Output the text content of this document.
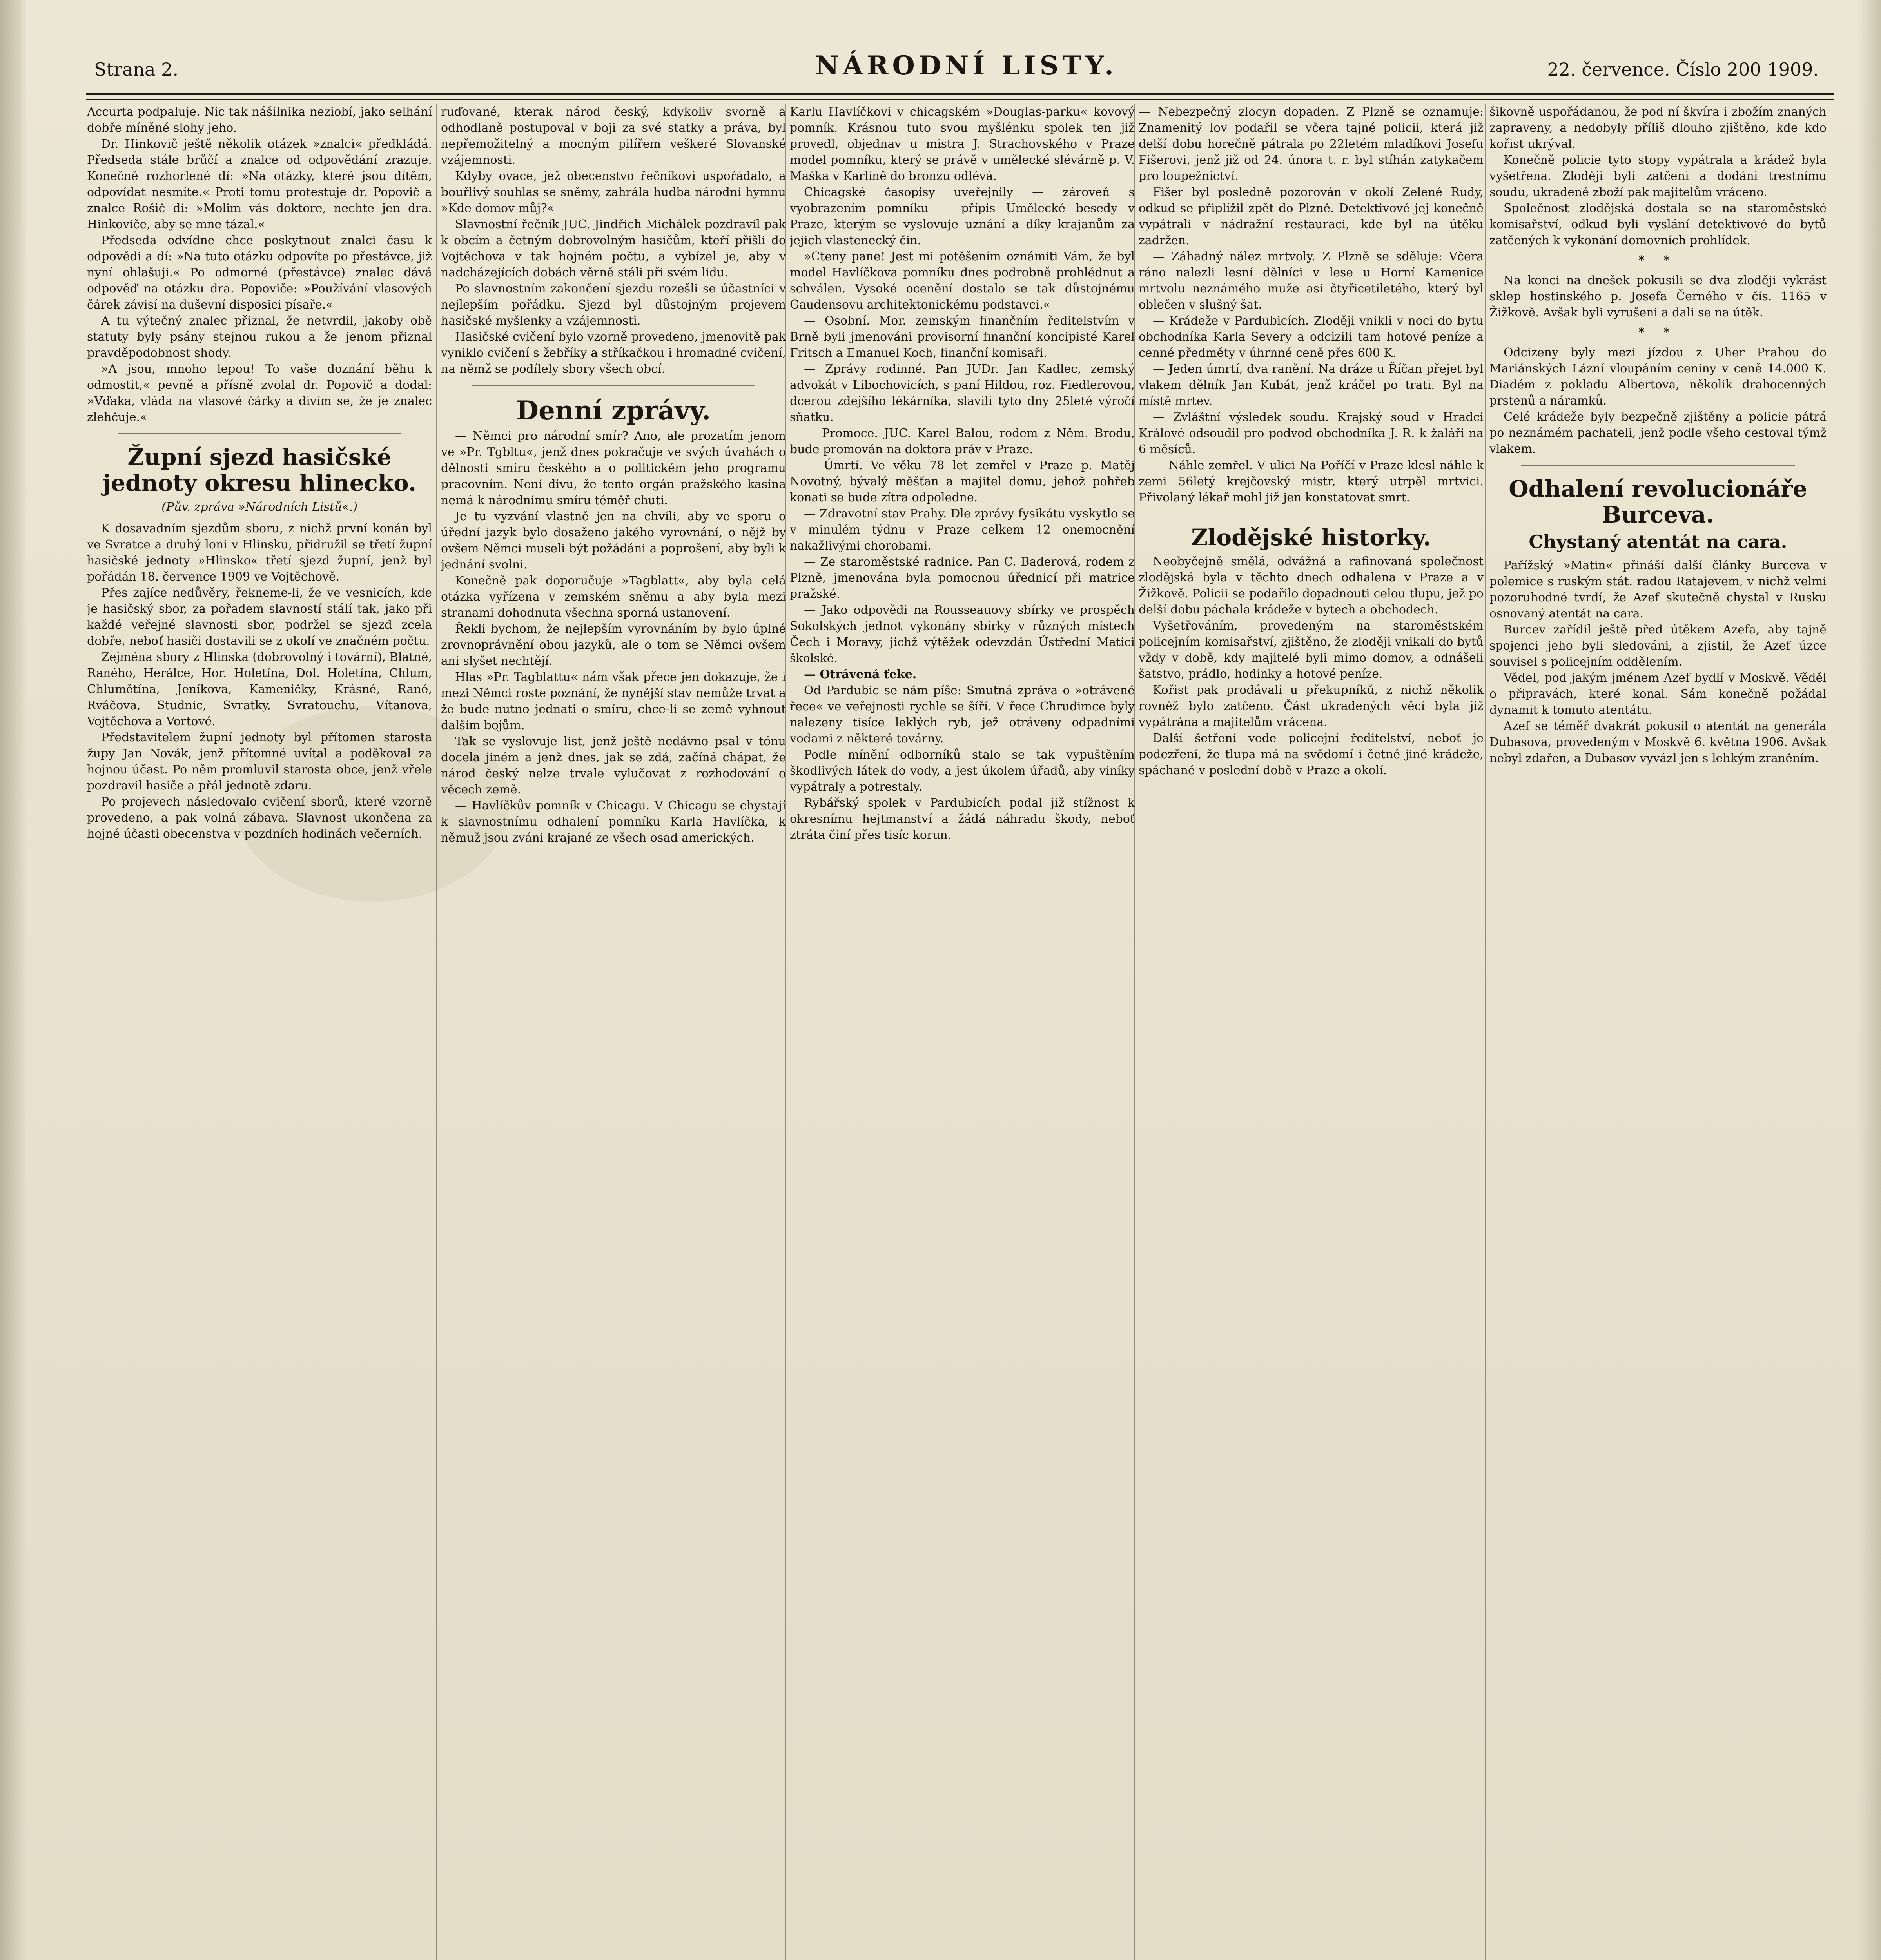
Strana 2.	NÁRODNÍ LISTY.	22. července. Číslo 200 1909.

Accurta podpaluje. Nic tak nášilnika neziobí, jako selhání dobře míněné slohy jeho.

Dr. Hinkovič ještě několik otázek »znalci« předkládá. Předseda stále brůčí a znalce od odpovědání zrazuje. Konečně rozhorlené dí: »Na otázky, které jsou dítěm, odpovídat nesmíte.« Proti tomu protestuje dr. Popovič a znalce Rošič dí: »Molim vás doktore, nechte jen dra. Hinkoviče, aby se mne tázal.«

Předseda odvídne chce poskytnout znalci času k odpovědi a dí: »Na tuto otázku odpovíte po přestávce, již nyní ohlašuji.« Po odmorné (přestávce) znalec dává odpověď na otázku dra. Popoviče: »Používání vlasových čárek závisí na duševní disposici písaře.«

A tu výtečný znalec přiznal, že netvrdil, jakoby obě statuty byly psány stejnou rukou a že jenom přiznal pravděpodobnost shody.

»A jsou, mnoho lepou! To vaše doznání běhu k odmostit,« pevně a přísně zvolal dr. Popovič a dodal: »Vďaka, vláda na vlasové čárky a divím se, že je znalec zlehčuje.«

Župní sjezd hasičské jednoty okresu hlinecko.
(Pův. zpráva »Národních Listů«.)

K dosavadním sjezdům sboru, z nichž první konán byl ve Svratce a druhý loni v Hlinsku, přidružil se třetí župní hasičské jednoty »Hlinsko« třetí sjezd župní, jenž byl pořádán 18. července 1909 ve Vojtěchově.

Přes zajíce nedůvěry, řekneme-li, že ve vesnicích, kde je hasičský sbor, za pořadem slavností stálí tak, jako při každé veřejné slavnosti sbor, podržel se sjezd zcela dobře, neboť hasiči dostavili se z okolí ve značném počtu.

Zejména sbory z Hlinska (dobrovolný i tovární), Blatné, Raného, Herálce, Hor. Holetína, Dol. Holetína, Chlum, Chlumětína, Jeníkova, Kameničky, Krásné, Rané, Rváčova, Studnic, Svratky, Svratouchu, Vítanova, Vojtěchova a Vortové.

Představitelem župní jednoty byl přítomen starosta župy Jan Novák, jenž přítomné uvítal a poděkoval za hojnou účast. Po něm promluvil starosta obce, jenž vřele pozdravil hasiče a přál jednotě zdaru.

Po projevech následovalo cvičení sborů, které vzorně provedeno, a pak volná zábava. Slavnost ukončena za hojné účasti obecenstva v pozdních hodinách večerních.

ruďované, kterak národ český, kdykoliv svorně a odhodlaně postupoval v boji za své statky a práva, byl nepřemožitelný a mocným pilířem veškeré Slovanské vzájemnosti.

Kdyby ovace, jež obecenstvo řečníkovi uspořádalo, a bouřlivý souhlas se sněmy, zahrála hudba národní hymnu »Kde domov můj?«

Slavnostní řečník JUC. Jindřich Michálek pozdravil pak k obcím a četným dobrovolným hasičům, kteří přišli do Vojtěchova v tak hojném počtu, a vybízel je, aby v nadcházejících dobách věrně stáli při svém lidu.

Po slavnostním zakončení sjezdu rozešli se účastníci v nejlepším pořádku. Sjezd byl důstojným projevem hasičské myšlenky a vzájemnosti.

Hasičské cvičení bylo vzorně provedeno, jmenovitě pak vyniklo cvičení s žebříky a stříkačkou i hromadné cvičení, na němž se podílely sbory všech obcí.

Denní zprávy.

— Němci pro národní smír? Ano, ale prozatím jenom ve »Pr. Tgbltu«, jenž dnes pokračuje ve svých úvahách o dělnosti smíru českého a o politickém jeho programu pracovním. Není divu, že tento orgán pražského kasina nemá k národnímu smíru téměř chuti.

Je tu vyzvání vlastně jen na chvíli, aby ve sporu o úřední jazyk bylo dosaženo jakého vyrovnání, o nějž by ovšem Němci museli být požádáni a poprošení, aby byli k jednání svolni.

Konečně pak doporučuje »Tagblatt«, aby byla celá otázka vyřízena v zemském sněmu a aby byla mezi stranami dohodnuta všechna sporná ustanovení.

Řekli bychom, že nejlepším vyrovnáním by bylo úplné zrovnoprávnění obou jazyků, ale o tom se Němci ovšem ani slyšet nechtějí.

Hlas »Pr. Tagblattu« nám však přece jen dokazuje, že i mezi Němci roste poznání, že nynější stav nemůže trvat a že bude nutno jednati o smíru, chce-li se země vyhnout dalším bojům.

Tak se vyslovuje list, jenž ještě nedávno psal v tónu docela jiném a jenž dnes, jak se zdá, začíná chápat, že národ český nelze trvale vylučovat z rozhodování o věcech země.

— Havlíčkův pomník v Chicagu. V Chicagu se chystají k slavnostnímu odhalení pomníku Karla Havlíčka, k němuž jsou zváni krajané ze všech osad amerických.

Karlu Havlíčkovi v chicagském »Douglas-parku« kovový pomník. Krásnou tuto svou myšlénku spolek ten již provedl, objednav u mistra J. Strachovského v Praze model pomníku, který se právě v umělecké slévárně p. V. Maška v Karlíně do bronzu odlévá.

Chicagské časopisy uveřejnily — zároveň s vyobrazením pomníku — přípis Umělecké besedy v Praze, kterým se vyslovuje uznání a díky krajanům za jejich vlastenecký čin.

»Cteny pane! Jest mi potěšením oznámiti Vám, že byl model Havlíčkova pomníku dnes podrobně prohlédnut a schválen. Vysoké ocenění dostalo se tak důstojnému Gaudensovu architektonickému podstavci.«

— Osobní. Mor. zemským finančním ředitelstvím v Brně byli jmenováni provisorní finanční koncipisté Karel Fritsch a Emanuel Koch, finanční komisaři.

— Zprávy rodinné. Pan JUDr. Jan Kadlec, zemský advokát v Libochovicích, s paní Hildou, roz. Fiedlerovou, dcerou zdejšího lékárníka, slavili tyto dny 25leté výročí sňatku.

— Promoce. JUC. Karel Balou, rodem z Něm. Brodu, bude promován na doktora práv v Praze.

— Úmrtí. Ve věku 78 let zemřel v Praze p. Matěj Novotný, bývalý měšťan a majitel domu, jehož pohřeb konati se bude zítra odpoledne.

— Zdravotní stav Prahy. Dle zprávy fysikátu vyskytlo se v minulém týdnu v Praze celkem 12 onemocnění nakažlivými chorobami.

— Ze staroměstské radnice. Pan C. Baderová, rodem z Plzně, jmenována byla pomocnou úřednicí při matrice pražské.

— Jako odpovědi na Rousseauovy sbírky ve prospěch Sokolských jednot vykonány sbírky v různých místech Čech i Moravy, jichž výtěžek odevzdán Ústřední Matici školské.

— Otrávená ťeke.

Od Pardubic se nám píše: Smutná zpráva o »otrávené řece« ve veřejnosti rychle se šíří. V řece Chrudimce byly nalezeny tisíce leklých ryb, jež otráveny odpadními vodami z některé továrny.

Podle mínění odborníků stalo se tak vypuštěním škodlivých látek do vody, a jest úkolem úřadů, aby viníky vypátraly a potrestaly.

Rybářský spolek v Pardubicích podal již stížnost k okresnímu hejtmanství a žádá náhradu škody, neboť ztráta činí přes tisíc korun.

— Nebezpečný zlocyn dopaden. Z Plzně se oznamuje: Znamenitý lov podařil se včera tajné policii, která již delší dobu horečně pátrala po 22letém mladíkovi Josefu Fišerovi, jenž již od 24. února t. r. byl stíhán zatykačem pro loupežnictví.

Fišer byl posledně pozorován v okolí Zelené Rudy, odkud se připlížil zpět do Plzně. Detektivové jej konečně vypátrali v nádražní restauraci, kde byl na útěku zadržen.

— Záhadný nález mrtvoly. Z Plzně se sděluje: Včera ráno nalezli lesní dělníci v lese u Horní Kamenice mrtvolu neznámého muže asi čtyřicetiletého, který byl oblečen v slušný šat.

— Krádeže v Pardubicích. Zloději vnikli v noci do bytu obchodníka Karla Severy a odcizili tam hotové peníze a cenné předměty v úhrnné ceně přes 600 K.

— Jeden úmrtí, dva ranění. Na dráze u Říčan přejet byl vlakem dělník Jan Kubát, jenž kráčel po trati. Byl na místě mrtev.

— Zvláštní výsledek soudu. Krajský soud v Hradci Králové odsoudil pro podvod obchodníka J. R. k žaláři na 6 měsíců.

— Náhle zemřel. V ulici Na Poříčí v Praze klesl náhle k zemi 56letý krejčovský mistr, který utrpěl mrtvici. Přivolaný lékař mohl již jen konstatovat smrt.

Zlodějské historky.

Neobyčejně smělá, odvážná a rafinovaná společnost zlodějská byla v těchto dnech odhalena v Praze a v Žižkově. Policii se podařilo dopadnouti celou tlupu, jež po delší dobu páchala krádeže v bytech a obchodech.

Vyšetřováním, provedeným na staroměstském policejním komisařství, zjištěno, že zloději vnikali do bytů vždy v době, kdy majitelé byli mimo domov, a odnášeli šatstvo, prádlo, hodinky a hotové peníze.

Kořist pak prodávali u překupníků, z nichž několik rovněž bylo zatčeno. Část ukradených věcí byla již vypátrána a majitelům vrácena.

Další šetření vede policejní ředitelství, neboť je podezření, že tlupa má na svědomí i četné jiné krádeže, spáchané v poslední době v Praze a okolí.

šikovně uspořádanou, že pod ní škvíra i zbožím znaných zapraveny, a nedobyly příliš dlouho zjištěno, kde kdo kořist ukrýval.

Konečně policie tyto stopy vypátrala a krádež byla vyšetřena. Zloději byli zatčeni a dodáni trestnímu soudu, ukradené zboží pak majitelům vráceno.

Společnost zlodějská dostala se na staroměstské komisařství, odkud byli vyslání detektivové do bytů zatčených k vykonání domovních prohlídek.

* *

Na konci na dnešek pokusili se dva zloději vykrást sklep hostinského p. Josefa Černého v čís. 1165 v Žižkově. Avšak byli vyrušeni a dali se na útěk.

* *

Odcizeny byly mezi jízdou z Uher Prahou do Mariánských Lázní vloupáním ceniny v ceně 14.000 K. Diadém z pokladu Albertova, několik drahocenných prstenů a náramků.

Celé krádeže byly bezpečně zjištěny a policie pátrá po neznámém pachateli, jenž podle všeho cestoval týmž vlakem.

Odhalení revolucionáře Burceva.
Chystaný atentát na cara.

Pařížský »Matin« přináší další články Burceva v polemice s ruským stát. radou Ratajevem, v nichž velmi pozoruhodné tvrdí, že Azef skutečně chystal v Rusku osnovaný atentát na cara.

Burcev zařídil ještě před útěkem Azefa, aby tajně spojenci jeho byli sledováni, a zjistil, že Azef úzce souvisel s policejním oddělením.

Vědel, pod jakým jménem Azef bydlí v Moskvě. Věděl o připravách, které konal. Sám konečně požádal dynamit k tomuto atentátu.

Azef se téměř dvakrát pokusil o atentát na generála Dubasova, provedeným v Moskvě 6. května 1906. Avšak nebyl zdařen, a Dubasov vyvázl jen s lehkým zraněním.
